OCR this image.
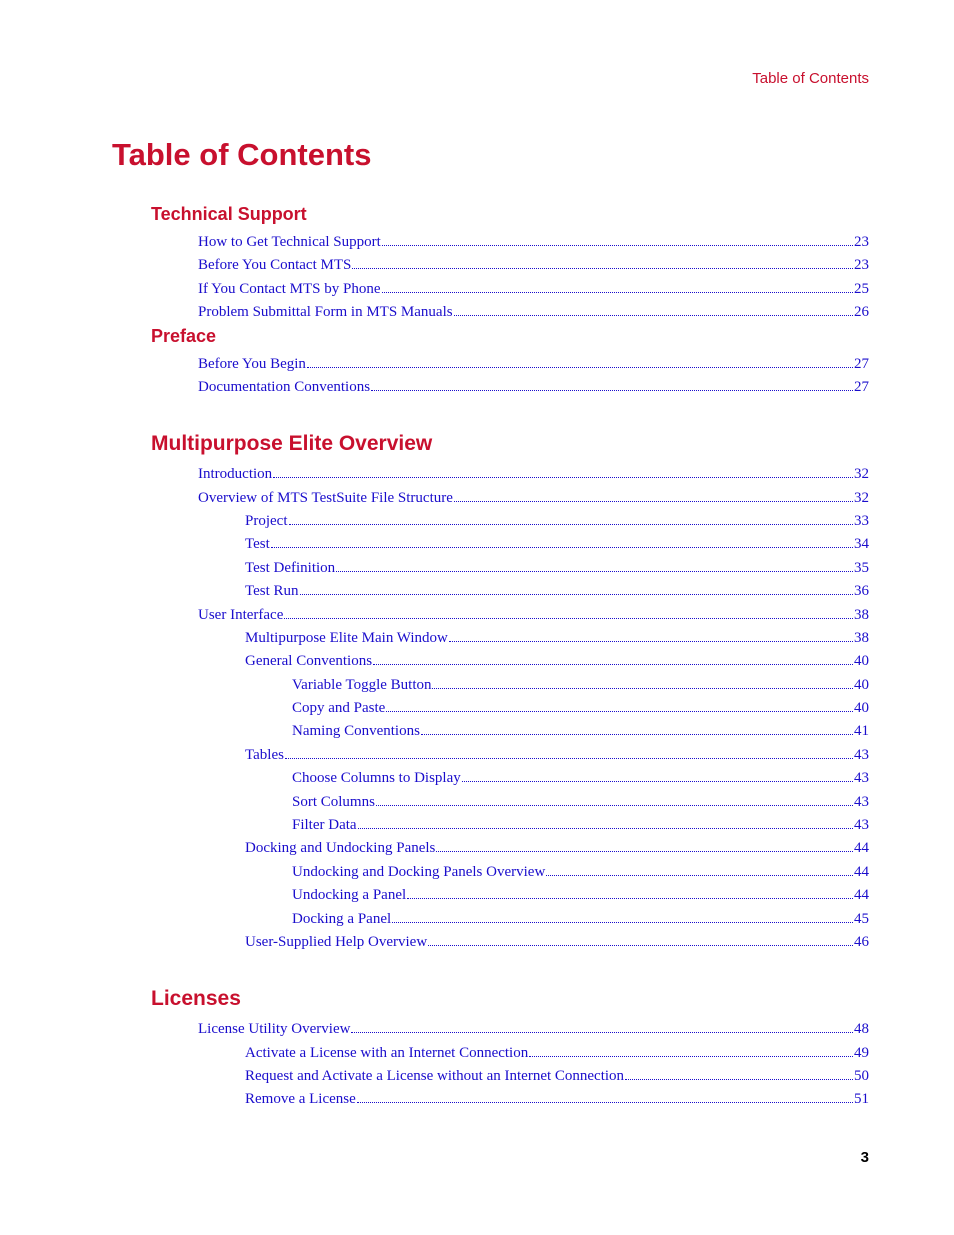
Table of Contents
Table of Contents
Technical Support
How to Get Technical Support	23
Before You Contact MTS	23
If You Contact MTS by Phone	25
Problem Submittal Form in MTS Manuals	26
Preface
Before You Begin	27
Documentation Conventions	27
Multipurpose Elite Overview
Introduction	32
Overview of MTS TestSuite File Structure	32
Project	33
Test	34
Test Definition	35
Test Run	36
User Interface	38
Multipurpose Elite Main Window	38
General Conventions	40
Variable Toggle Button	40
Copy and Paste	40
Naming Conventions	41
Tables	43
Choose Columns to Display	43
Sort Columns	43
Filter Data	43
Docking and Undocking Panels	44
Undocking and Docking Panels Overview	44
Undocking a Panel	44
Docking a Panel	45
User-Supplied Help Overview	46
Licenses
License Utility Overview	48
Activate a License with an Internet Connection	49
Request and Activate a License without an Internet Connection	50
Remove a License	51
3
